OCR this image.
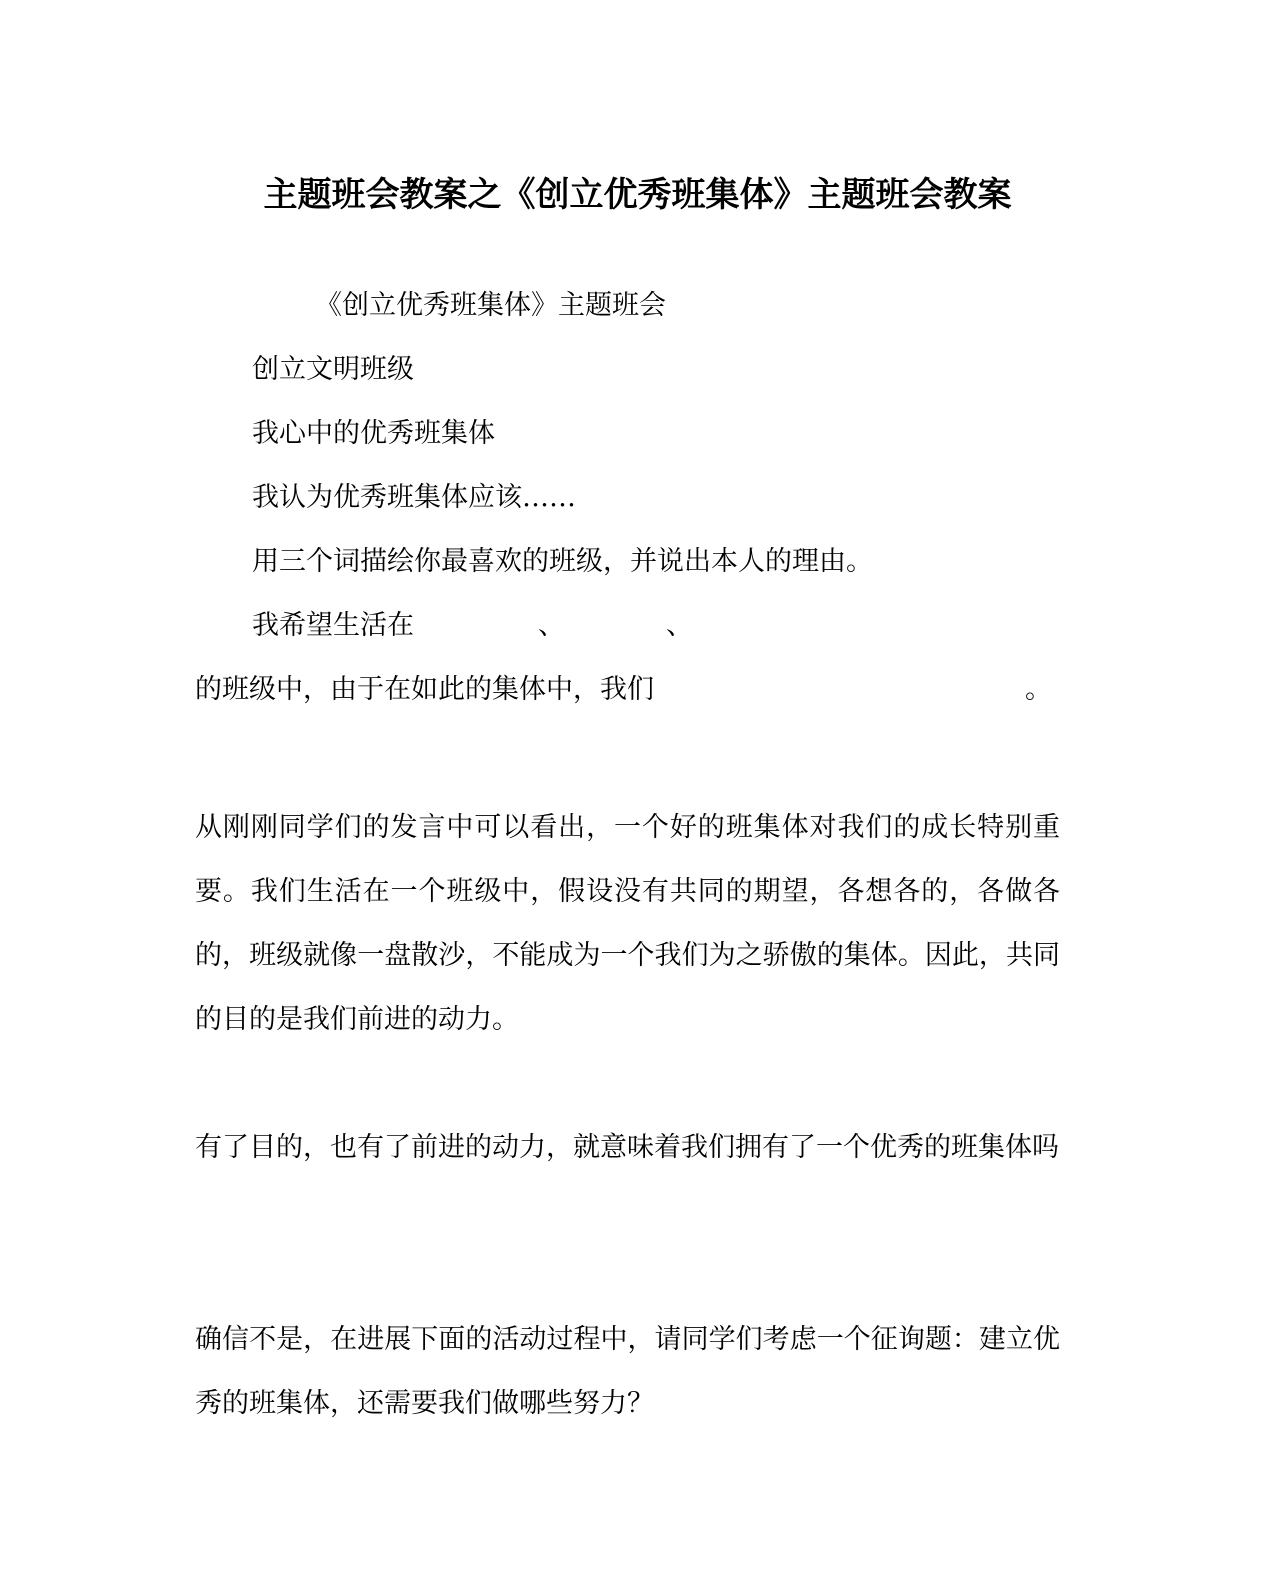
主题班会教案之《创立优秀班集体》主题班会教案
《创立优秀班集体》主题班会
创立文明班级
我心中的优秀班集体
我认为优秀班集体应该……
用三个词描绘你最喜欢的班级，并说出本人的理由。
我希望生活在	、	、
的班级中，由于在如此的集体中，我们	。
从刚刚同学们的发言中可以看出，一个好的班集体对我们的成长特别重要。我们生活在一个班级中，假设没有共同的期望，各想各的，各做各的，班级就像一盘散沙，不能成为一个我们为之骄傲的集体。因此，共同的目的是我们前进的动力。
有了目的，也有了前进的动力，就意味着我们拥有了一个优秀的班集体吗
确信不是，在进展下面的活动过程中，请同学们考虑一个征询题：建立优秀的班集体，还需要我们做哪些努力？
